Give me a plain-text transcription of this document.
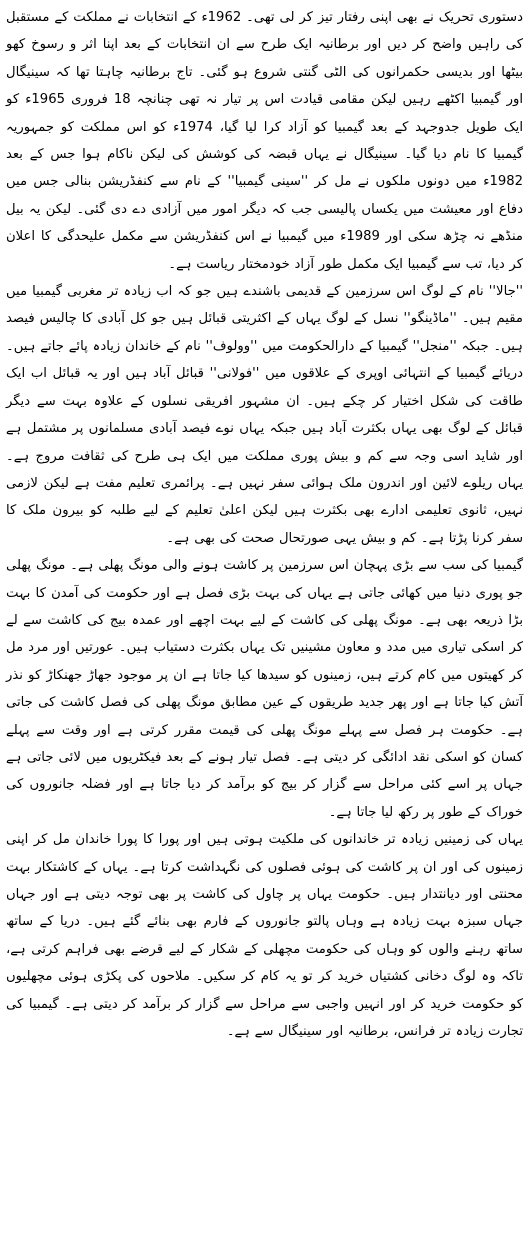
دستوری تحریک نے بھی اپنی رفتار تیز کر لی تھی۔ 1962ء کے انتخابات نے مملکت کے مستقبل کی راہیں واضح کر دیں اور برطانیہ ایک طرح سے ان انتخابات کے بعد اپنا اثر و رسوخ کھو بیٹھا اور بدیسی حکمرانوں کی الٹی گنتی شروع ہو گئی۔ تاج برطانیہ چاہتا تھا کہ سینیگال اور گیمبیا اکٹھے رہیں لیکن مقامی قیادت اس پر تیار نہ تھی چنانچہ 18 فروری 1965ء کو ایک طویل جدوجہد کے بعد گیمبیا کو آزاد کرا لیا گیا، 1974ء کو اس مملکت کو جمہوریہ گیمبیا کا نام دیا گیا۔ سینیگال نے یہاں قبضہ کی کوشش کی لیکن ناکام ہوا جس کے بعد 1982ء میں دونوں ملکوں نے مل کر ''سینی گیمبیا'' کے نام سے کنفڈریشن بنالی جس میں دفاع اور معیشت میں یکساں پالیسی جب کہ دیگر امور میں آزادی دے دی گئی۔ لیکن یہ بیل منڈھے نہ چڑھ سکی اور 1989ء میں گیمبیا نے اس کنفڈریشن سے مکمل علیحدگی کا اعلان کر دیا، تب سے گیمبیا ایک مکمل طور آزاد خودمختار ریاست ہے۔

''جالا'' نام کے لوگ اس سرزمین کے قدیمی باشندے ہیں جو کہ اب زیادہ تر مغربی گیمبیا میں مقیم ہیں۔ ''ماڈینگو'' نسل کے لوگ یہاں کے اکثریتی قبائل ہیں جو کل آبادی کا چالیس فیصد ہیں۔ جبکہ ''منجل'' گیمبیا کے دارالحکومت میں ''وولوف'' نام کے خاندان زیادہ پائے جاتے ہیں۔ دریائے گیمبیا کے انتہائی اوپری کے علاقوں میں ''فولانی'' قبائل آباد ہیں اور یہ قبائل اب ایک طاقت کی شکل اختیار کر چکے ہیں۔ ان مشہور افریقی نسلوں کے علاوہ بہت سے دیگر قبائل کے لوگ بھی یہاں بکثرت آباد ہیں جبکہ یہاں نوے فیصد آبادی مسلمانوں پر مشتمل ہے اور شاید اسی وجہ سے کم و بیش پوری مملکت میں ایک ہی طرح کی ثقافت مروج ہے۔ یہاں ریلوے لائین اور اندرون ملک ہوائی سفر نہیں ہے۔ پرائمری تعلیم مفت ہے لیکن لازمی نہیں، ثانوی تعلیمی ادارے بھی بکثرت ہیں لیکن اعلیٰ تعلیم کے لیے طلبہ کو بیرون ملک کا سفر کرنا پڑتا ہے۔ کم و بیش یہی صورتحال صحت کی بھی ہے۔

گیمبیا کی سب سے بڑی پہچان اس سرزمین پر کاشت ہونے والی مونگ پھلی ہے۔ مونگ پھلی جو پوری دنیا میں کھائی جاتی ہے یہاں کی بہت بڑی فصل ہے اور حکومت کی آمدن کا بہت بڑا ذریعہ بھی ہے۔ مونگ پھلی کی کاشت کے لیے بہت اچھے اور عمدہ بیج کی کاشت سے لے کر اسکی تیاری میں مدد و معاون مشینیں تک یہاں بکثرت دستیاب ہیں۔ عورتیں اور مرد مل کر کھیتوں میں کام کرتے ہیں، زمینوں کو سیدھا کیا جاتا ہے ان پر موجود جھاڑ جھنکاڑ کو نذر آتش کیا جاتا ہے اور پھر جدید طریقوں کے عین مطابق مونگ پھلی کی فصل کاشت کی جاتی ہے۔ حکومت ہر فصل سے پہلے مونگ پھلی کی قیمت مقرر کرتی ہے اور وقت سے پہلے کسان کو اسکی نقد ادائگی کر دیتی ہے۔ فصل تیار ہونے کے بعد فیکٹریوں میں لائی جاتی ہے جہاں پر اسے کئی مراحل سے گزار کر بیج کو برآمد کر دیا جاتا ہے اور فضلہ جانوروں کی خوراک کے طور پر رکھ لیا جاتا ہے۔

یہاں کی زمینیں زیادہ تر خاندانوں کی ملکیت ہوتی ہیں اور پورا کا پورا خاندان مل کر اپنی زمینوں کی اور ان پر کاشت کی ہوئی فصلوں کی نگہداشت کرتا ہے۔ یہاں کے کاشتکار بہت محنتی اور دیانتدار ہیں۔ حکومت یہاں پر چاول کی کاشت پر بھی توجہ دیتی ہے اور جہاں جہاں سبزہ بہت زیادہ ہے وہاں پالتو جانوروں کے فارم بھی بنائے گئے ہیں۔ دریا کے ساتھ ساتھ رہنے والوں کو وہاں کی حکومت مچھلی کے شکار کے لیے قرضے بھی فراہم کرتی ہے، تاکہ وہ لوگ دخانی کشتیاں خرید کر تو یہ کام کر سکیں۔ ملاحوں کی پکڑی ہوئی مچھلیوں کو حکومت خرید کر اور انہیں واجبی سے مراحل سے گزار کر برآمد کر دیتی ہے۔ گیمبیا کی تجارت زیادہ تر فرانس، برطانیہ اور سینیگال سے ہے۔
